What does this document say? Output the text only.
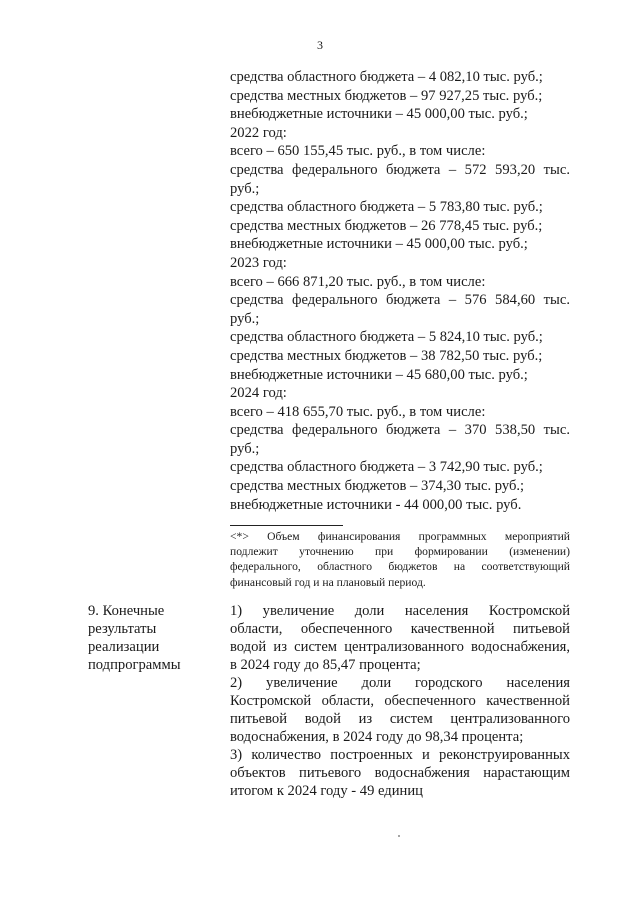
3
средства областного бюджета – 4 082,10 тыс. руб.;
средства местных бюджетов – 97 927,25 тыс. руб.;
внебюджетные источники – 45 000,00 тыс. руб.;
2022 год:
всего – 650 155,45 тыс. руб., в том числе:
средства федерального бюджета – 572 593,20 тыс.
руб.;
средства областного бюджета – 5 783,80 тыс. руб.;
средства местных бюджетов – 26 778,45 тыс. руб.;
внебюджетные источники – 45 000,00 тыс. руб.;
2023 год:
всего – 666 871,20 тыс. руб., в том числе:
средства федерального бюджета – 576 584,60 тыс.
руб.;
средства областного бюджета – 5 824,10 тыс. руб.;
средства местных бюджетов – 38 782,50 тыс. руб.;
внебюджетные источники – 45 680,00 тыс. руб.;
2024 год:
всего – 418 655,70 тыс. руб., в том числе:
средства федерального бюджета – 370 538,50 тыс.
руб.;
средства областного бюджета – 3 742,90 тыс. руб.;
средства местных бюджетов – 374,30 тыс. руб.;
внебюджетные источники - 44 000,00 тыс. руб.
<*> Объем финансирования программных мероприятий
подлежит уточнению при формировании (изменении)
федерального, областного бюджетов на соответствующий
финансовый год и на плановый период.
9. Конечные
результаты
реализации
подпрограммы
1) увеличение доли населения Костромской
области, обеспеченного качественной питьевой
водой из систем централизованного водоснабжения,
в 2024 году до 85,47 процента;
2) увеличение доли городского населения
Костромской области, обеспеченного качественной
питьевой водой из систем централизованного
водоснабжения, в 2024 году до 98,34 процента;
3) количество построенных и реконструированных
объектов питьевого водоснабжения нарастающим
итогом к 2024 году - 49 единиц
